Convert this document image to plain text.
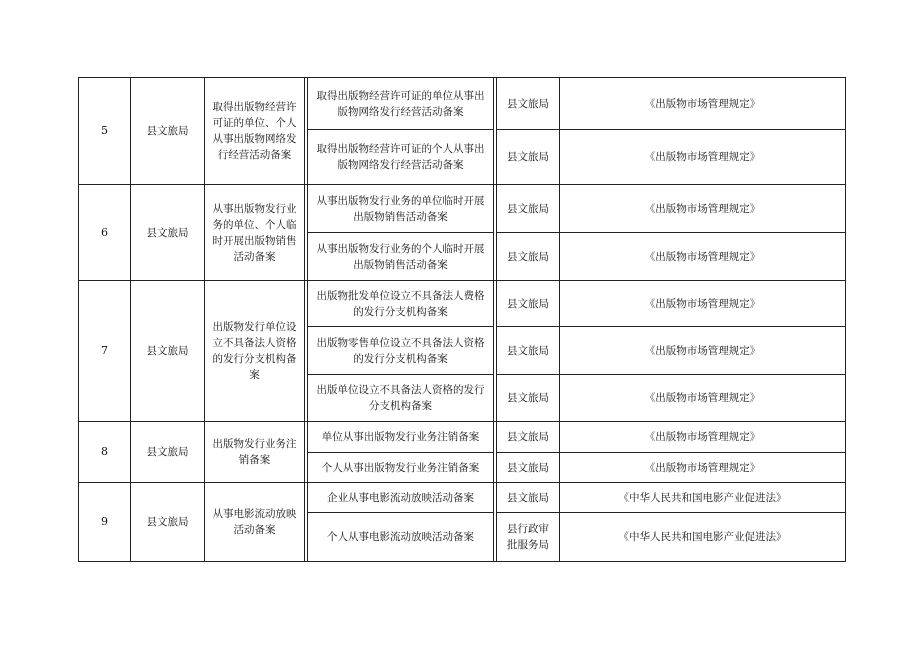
5	县文旅局	取得出版物经营许可证的单位、个人从事出版物网络发行经营活动备案		取得出版物经营许可证的单位从事出版物网络发行经营活动备案		县文旅局	《出版物市场管理规定》
				取得出版物经营许可证的个人从事出版物网络发行经营活动备案		县文旅局	《出版物市场管理规定》
6	县文旅局	从事出版物发行业务的单位、个人临时开展出版物销售活动备案		从事出版物发行业务的单位临时开展出版物销售活动备案		县文旅局	《出版物市场管理规定》
				从事出版物发行业务的个人临时开展出版物销售活动备案		县文旅局	《出版物市场管理规定》
7	县文旅局	出版物发行单位设立不具备法人资格的发行分支机构备案		出版物批发单位设立不具备法人费格的发行分支机构备案		县文旅局	《出版物市场管理规定》
				出版物零售单位设立不具备法人资格的发行分支机构备案		县文旅局	《出版物市场管理规定》
				出版单位设立不具备法人资格的发行分支机构备案		县文旅局	《出版物市场管理规定》
8	县文旅局	出版物发行业务注销备案		单位从事出版物发行业务注销备案		县文旅局	《出版物市场管理规定》
				个人从事出版物发行业务注销备案		县文旅局	《出版物市场管理规定》
9	县文旅局	从事电影流动放映活动备案		企业从事电影流动放映活动备案		县文旅局	《中华人民共和国电影产业促进法》
				个人从事电影流动放映活动备案		县行政审批服务局	《中华人民共和国电影产业促进法》
